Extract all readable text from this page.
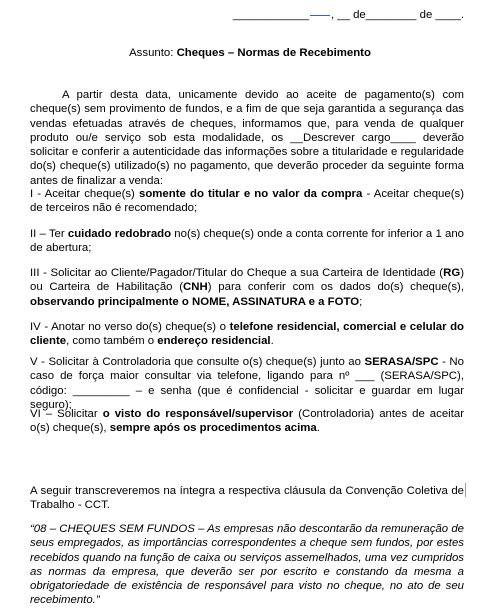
____________ , __ de________ de ____.
Assunto: Cheques – Normas de Recebimento

A partir desta data, unicamente devido ao aceite de pagamento(s) com cheque(s) sem provimento de fundos, e a fim de que seja garantida a segurança das vendas efetuadas através de cheques, informamos que, para venda de qualquer produto ou/e serviço sob esta modalidade, os __Descrever cargo____ deverão solicitar e conferir a autenticidade das informações sobre a titularidade e regularidade do(s) cheque(s) utilizado(s) no pagamento, que deverão proceder da seguinte forma antes de finalizar a venda:

I - Aceitar cheque(s) somente do titular e no valor da compra - Aceitar cheque(s) de terceiros não é recomendado;

II – Ter cuidado redobrado no(s) cheque(s) onde a conta corrente for inferior a 1 ano de abertura;

III - Solicitar ao Cliente/Pagador/Titular do Cheque a sua Carteira de Identidade (RG) ou Carteira de Habilitação (CNH) para conferir com os dados do(s) cheque(s), observando principalmente o NOME, ASSINATURA e a FOTO;

IV - Anotar no verso do(s) cheque(s) o telefone residencial, comercial e celular do cliente, como também o endereço residencial.

V - Solicitar à Controladoria que consulte o(s) cheque(s) junto ao SERASA/SPC - No caso de força maior consultar via telefone, ligando para nº ___ (SERASA/SPC), código: _________ – e senha (que é confidencial - solicitar e guardar em lugar seguro);

VI – Solicitar o visto do responsável/supervisor (Controladoria) antes de aceitar o(s) cheque(s), sempre após os procedimentos acima.

A seguir transcreveremos na íntegra a respectiva cláusula da Convenção Coletiva de Trabalho - CCT.

“08 – CHEQUES SEM FUNDOS – As empresas não descontarão da remuneração de seus empregados, as importâncias correspondentes a cheque sem fundos, por estes recebidos quando na função de caixa ou serviços assemelhados, uma vez cumpridos as normas da empresa, que deverão ser por escrito e constando da mesma a obrigatoriedade de existência de responsável para visto no cheque, no ato de seu recebimento.”
